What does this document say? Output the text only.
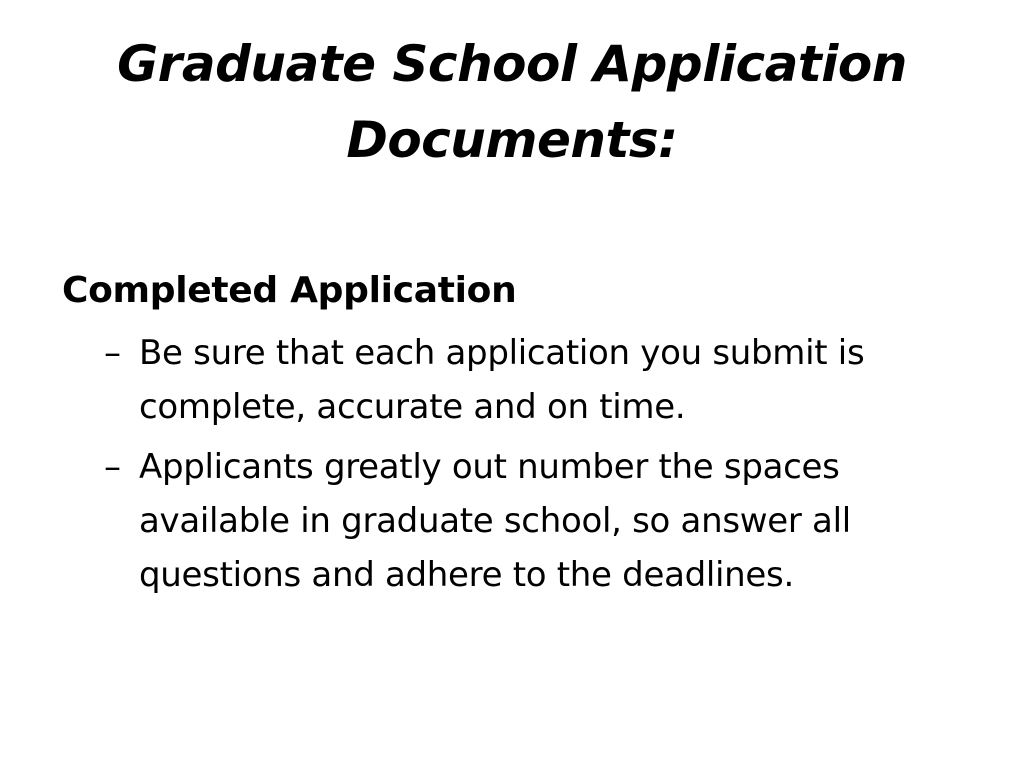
Graduate School Application Documents:

Completed Application

– Be sure that each application you submit is complete, accurate and on time.
– Applicants greatly out number the spaces available in graduate school, so answer all questions and adhere to the deadlines.
